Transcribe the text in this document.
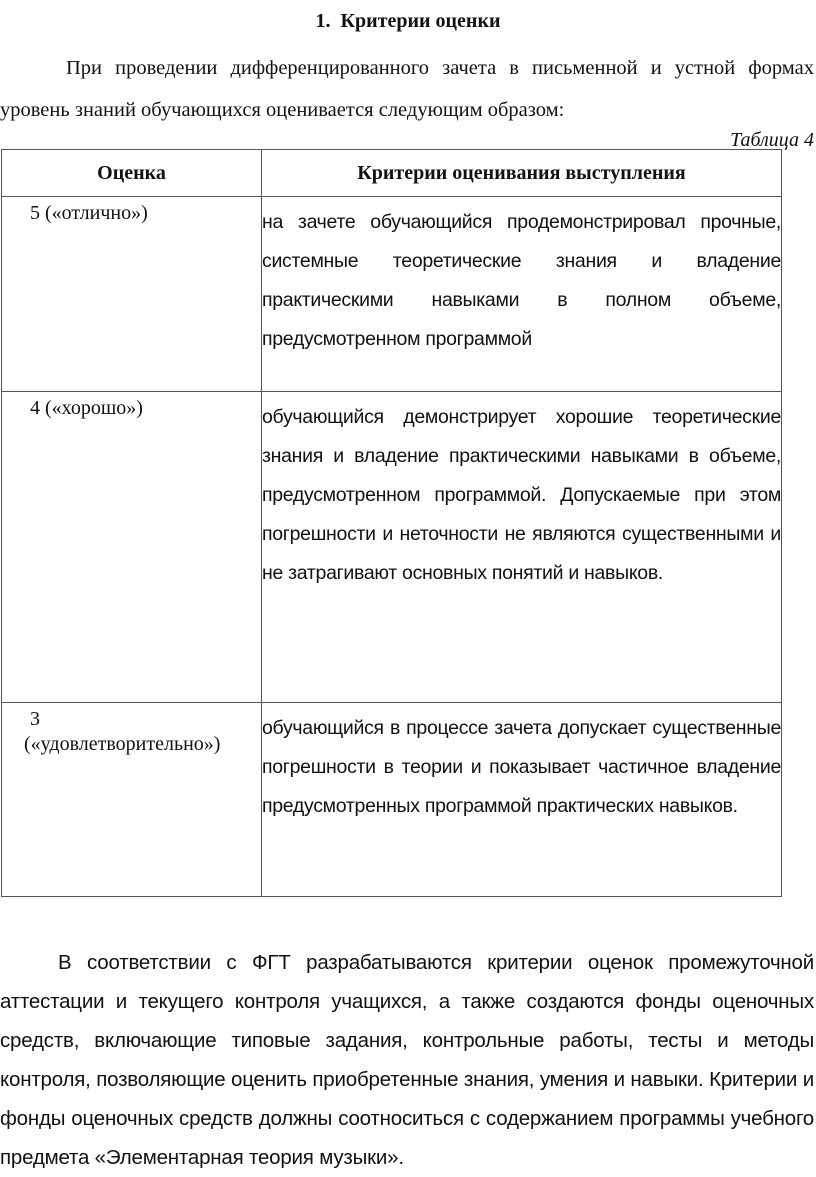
1. Критерии оценки

При проведении дифференцированного зачета в письменной и устной формах уровень знаний обучающихся оценивается следующим образом:

Таблица 4
Оценка	Критерии оценивания выступления

5 («отлично»)	на зачете обучающийся продемонстрировал прочные, системные теоретические знания и владение практическими навыками в полном объеме, предусмотренном программой

4 («хорошо»)	обучающийся демонстрирует хорошие теоретические знания и владение практическими навыками в объеме, предусмотренном программой. Допускаемые при этом погрешности и неточности не являются существенными и не затрагивают основных понятий и навыков.

3
(«удовлетворительно»)	обучающийся в процессе зачета допускает существенные погрешности в теории и показывает частичное владение предусмотренных программой практических навыков.

В соответствии с ФГТ разрабатываются критерии оценок промежуточной аттестации и текущего контроля учащихся, а также создаются фонды оценочных средств, включающие типовые задания, контрольные работы, тесты и методы контроля, позволяющие оценить приобретенные знания, умения и навыки. Критерии и фонды оценочных средств должны соотноситься с содержанием программы учебного предмета «Элементарная теория музыки».
